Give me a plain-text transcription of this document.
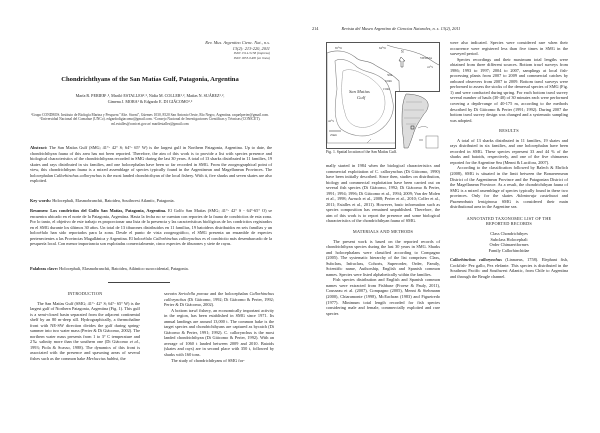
Rev. Mus. Argentino Cienc. Nat., n.s.
13(2): 213-220, 2011
ISSN 1514-5158 (impresa)
ISSN 1853-0400 (en línea)
Chondrichthyans of the San Matías Gulf, Patagonia, Argentina
María R. PERIER¹˒², Mariló ESTALLES²˒³, Nidia M. COLLER¹˒², Matías N. SUÁREZ¹˒²,
Gimena J. MORA¹ & Edgardo E. DI GIÁCOMO¹˒³
¹Grupo CONDROS. Instituto de Biología Marina y Pesquera "Alte. Storni", Güemes 1030, 8520 San Antonio Oeste, Río Negro, Argentina. raquelperier@gmail.com. ²Universidad Nacional del Comahue (UNCo). edgardodigiacomo@gmail.com. ³Consejo Nacional de Investigaciones Científicas y Técnicas (CONICET). ml.estalles@conicet.gov.ar/ marilestalles@gmail.com
Abstract: The San Matías Gulf (SMG; 41°- 42° S; 64°- 65° W) is the largest gulf in Northern Patagonia, Argentina. Up to date, the chondrichthyan fauna of this area has not been reported. Therefore, the aim of this work is to provide a list with species presence and biological characteristics of the chondrichthyans recorded in SMG during the last 30 years. A total of 13 sharks distributed in 11 families, 19 skates and rays distributed in six families, and one holocephalan have been so far recorded in SMG. From the zoogeographical point of view, this chondrichthyan fauna is a mixed assemblage of species typically found in the Argentinean and Magellanean Provinces. The holocephalan Callorhinchus callorynchus is the most landed chondricthyan of the local fishery. With it, five sharks and seven skates are also exploited.
Key words: Holocephali, Elasmobranchii, Batoidea, Southwest Atlantic, Patagonia.
Resumen: Los condrictios del Golfo San Matías, Patagonia, Argentina. El Golfo San Matías (SMG; 41°- 42° S - 64°-65° O) se encuentra ubicado en el norte de la Patagonia, Argentina. Hasta la fecha no se cuentan con reportes de la fauna de condrictios de esta zona. Por lo tanto, el objetivo de este trabajo es proporcionar una lista de la presencia y las características biológicas de los condrictios registrados en el SMG durante los últimos 30 años. Un total de 13 tiburones distribuidos en 11 familias, 19 batoideos distribuidos en seis familias y un holocéfalo han sido reportados para la zona. Desde el punto de vista zoogeográfico, el SMG presenta un ensamble de especies pertenecientes a las Provincias Magallánica y Argentina. El holocéfalo Callorhinchus callorynchus es el condrictio más desembarcado de la pesquería local. Con menor importancia son explotadas comercialmente, cinco especies de tiburones y siete de rayas.
Palabras clave: Holocephali, Elasmobranchii, Batoidea, Atlántico suroccidental, Patagonia.
INTRODUCTION

The San Matías Gulf (SMG; 41°- 42° S; 64°- 65° W) is the largest gulf of Northern Patagonia, Argentina (Fig. 1). This gulf is a semi-closed basin separated from the adjacent continental shelf by an 80 m-deep sill. Hydrographically, a thermohaline front with NE-SW direction divides the gulf during spring-summer into two water mass (Perier & Di Giácomo, 2002). The northern water mass presents from 1 to 3° C temperature and 2‰ salinity more than the southern one (Di Giácomo et al., 1993; Piola & Scasso, 1988). The dynamics of this front is associated with the presence and spawning areas of several fishes such as the common hake Merluccius hubbsi, the

savorin Seriolella porosa and the holocephalan Callorhinchus callorynchus (Di Giácomo, 1992; Di Giácomo & Perier, 1992; Perier & Di Giácomo, 2002).

A bottom trawl fishery, an economically important activity in the region, has been established in SMG since 1971. Its annual landings are around 13,000 t. The common hake is the target species and chondrichthyans are captured as bycatch (Di Giácomo & Perier, 1991; 1992). C. callorynchus is the most landed chondrichthyan (Di Giácomo & Perier, 1992). With an average of 1060 t landed between 2009 and 2010. Batoids (skates and rays) are in second place with 350 t, followed by sharks with 160 tons.

The study of chondrichthyans of SMG for-

214	Revista del Museo Argentino de Ciencias Naturales, n. s. 13(2), 2011
San Matías
Gulf
VIEDMA
N
65°W	64°W
41°S
42°S
50m
100m
150m
25km
Fig. 1. Spatial location of the San Matías Gulf.

mally started in 1984 when the biological characteristics and commercial exploitation of C. callorynchus (Di Giácomo, 1990) have been initially described. Since then, studies on distribution, biology and commercial exploitation have been carried out on several fish species (Di Giácomo, 1992; Di Giácomo & Perier, 1991; 1994; 1996; Di Giácomo et al., 1994; 2009; Van der Molen et al., 1998; Awruch et al., 2008; Perier et al., 2010; Coller et al., 2011; Estalles et al., 2011). However, basic information such as species composition has remained unpublished. Therefore, the aim of this work is to report the presence and some biological characteristics of the chondrichthyan fauna of SMG.

MATERIALS AND METHODS

The present work is based on the reported records of chondrichthyan species during the last 30 years in SMG. Sharks and holocephalans were classified according to Compagno (2005). The systematic hierarchy of the list comprises: Class, Subclass, Infraclass, Cohorts, Superorder, Order, Family, Scientific name, Authorship, English and Spanish common names. Species were listed alphabetically within the families.

Fish species distribution and English and Spanish common names were extracted from Fishbase (Froese & Pauly, 2011), Cousseau et al. (2007), Compagno (2005), Menni & Stehmann (2000), Chiaramonte (1998), McEachran (1983) and Figueiredo (1977). Minimum total length recorded for fish species considering male and female, commercially exploited and rare species

were also indicated. Species were considered rare when their occurrence were registered less than five times in SMG in the surveyed period.

Species recordings and their maximum total lengths were obtained from three different sources. Bottom trawl surveys from 1986; 1993 to 1997; 2004 to 2007, samplings at local fish-processing plants from 2007 to 2009 and commercial catches by onboard observers from 2007 to 2009. Bottom trawl surveys were performed to assess the stocks of the demersal species of SMG (Fig. 1) and were conducted during spring. For each bottom trawl survey several number of hauls (30-40) of 30 minutes each were performed covering a depth-range of 40-175 m, according to the methods described by Di Giácomo & Perier (1991; 1992). During 2007 the bottom trawl survey design was changed and a systematic sampling was adopted.

RESULTS

A total of 13 sharks distributed in 11 families, 19 skates and rays distributed in six families, and one holocephalan have been recorded in SMG. These species represent 33 and 44 % of the sharks and batoids, respectively, and one of the five chimaeras reported for the Argentine Sea (Menni & Lucifora, 2007).

According to the classification followed by Balech & Ehrlich (2008), SMG is situated in the limit between the Bonaerensean District of the Argentinean Province and the Patagonian District of the Magellanean Province. As a result, the chondrichthyan fauna of SMG is a mixed assemblage of species typically found in these two provinces. Only for the skates Atlantoraja castelnaui and Psammobatis lentiginosa SMG is considered their main distributional area in the Argentine sea.

ANNOTATED TAXONOMIC LIST OF THE
REPORTED RECORDS
Class Chondrichthyes
Subclass Holocephali
Order Chimaeriformes
Family Callorhinchidae

Callorhinchus callorynchus (Linnaeus, 1758). Elephant fish, Cockfish- Pez gallo, Pez elefante. This species is distributed in the Southeast Pacific and Southwest Atlantic, from Chile to Argentina and through the Beagle channel.
